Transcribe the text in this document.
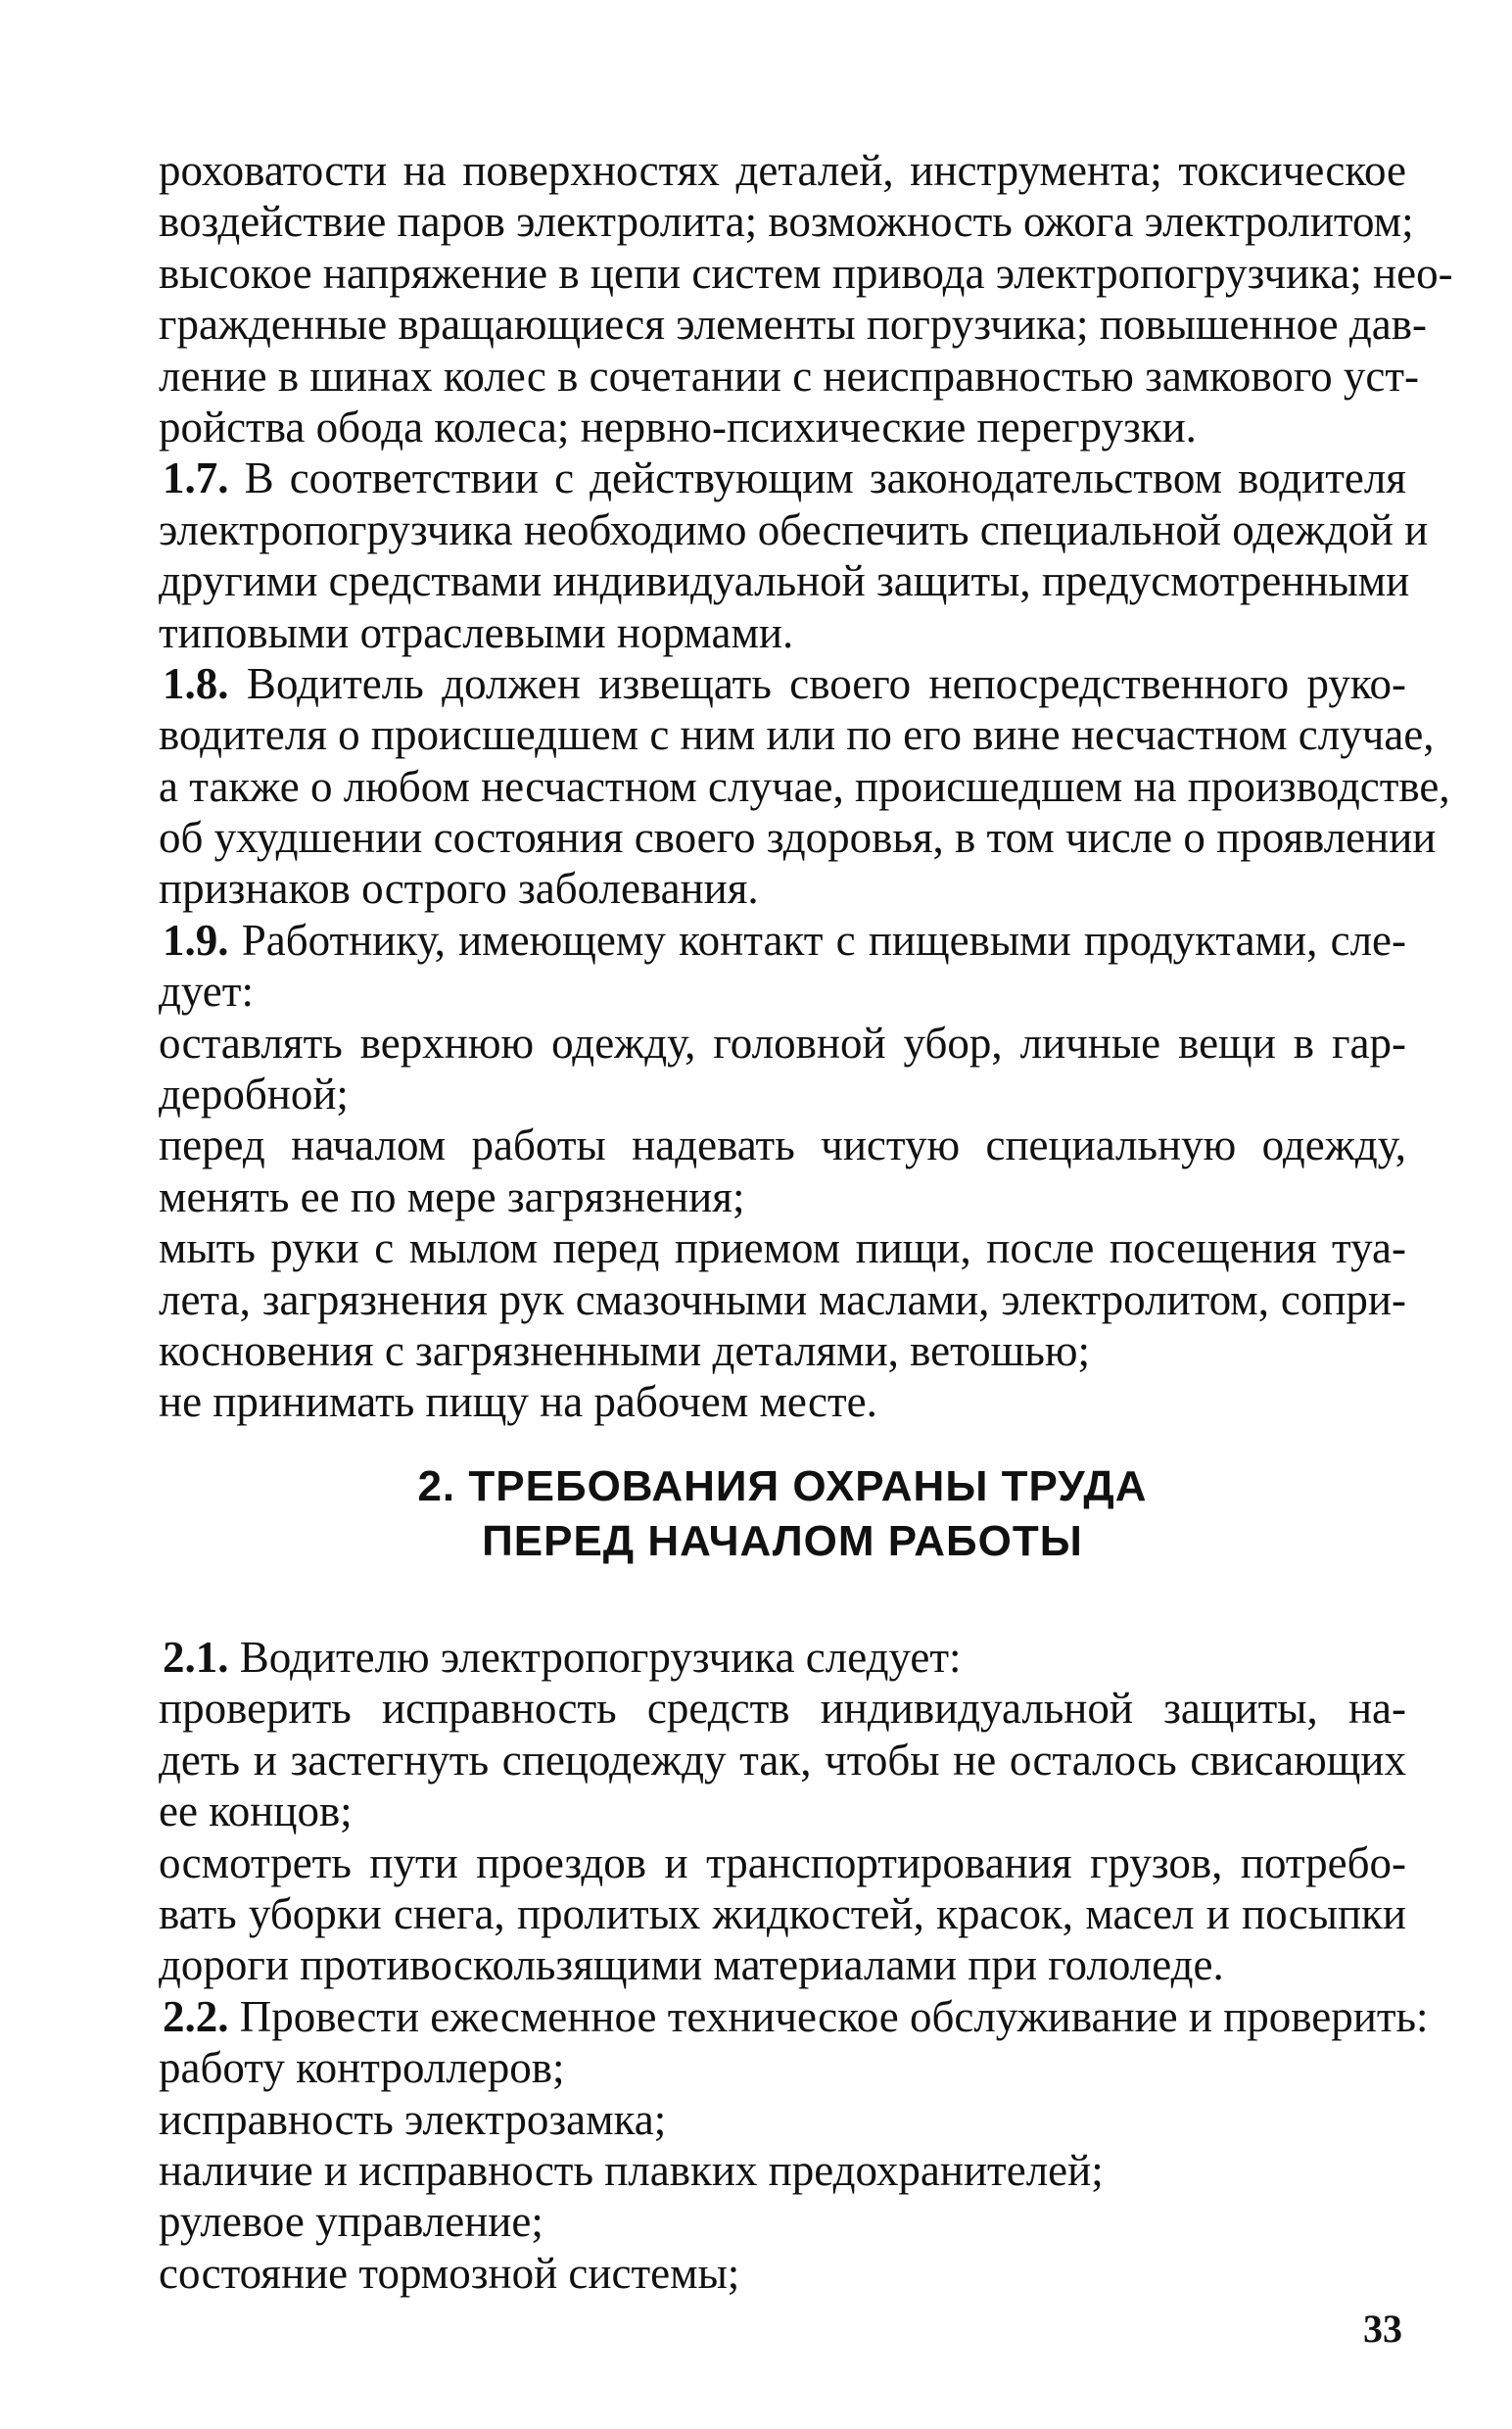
роховатости на поверхностях деталей, инструмента; токсическое
воздействие паров электролита; возможность ожога электролитом;
высокое напряжение в цепи систем привода электропогрузчика; нео-
гражденные вращающиеся элементы погрузчика; повышенное дав-
ление в шинах колес в сочетании с неисправностью замкового уст-
ройства обода колеса; нервно-психические перегрузки.
1.7. В соответствии с действующим законодательством водителя
электропогрузчика необходимо обеспечить специальной одеждой и
другими средствами индивидуальной защиты, предусмотренными
типовыми отраслевыми нормами.
1.8. Водитель должен извещать своего непосредственного руко-
водителя о происшедшем с ним или по его вине несчастном случае,
а также о любом несчастном случае, происшедшем на производстве,
об ухудшении состояния своего здоровья, в том числе о проявлении
признаков острого заболевания.
1.9. Работнику, имеющему контакт с пищевыми продуктами, сле-
дует:
оставлять верхнюю одежду, головной убор, личные вещи в гар-
деробной;
перед началом работы надевать чистую специальную одежду,
менять ее по мере загрязнения;
мыть руки с мылом перед приемом пищи, после посещения туа-
лета, загрязнения рук смазочными маслами, электролитом, сопри-
косновения с загрязненными деталями, ветошью;
не принимать пищу на рабочем месте.
2. ТРЕБОВАНИЯ ОХРАНЫ ТРУДА
ПЕРЕД НАЧАЛОМ РАБОТЫ
2.1. Водителю электропогрузчика следует:
проверить исправность средств индивидуальной защиты, на-
деть и застегнуть спецодежду так, чтобы не осталось свисающих
ее концов;
осмотреть пути проездов и транспортирования грузов, потребо-
вать уборки снега, пролитых жидкостей, красок, масел и посыпки
дороги противоскользящими материалами при гололеде.
2.2. Провести ежесменное техническое обслуживание и проверить:
работу контроллеров;
исправность электрозамка;
наличие и исправность плавких предохранителей;
рулевое управление;
состояние тормозной системы;
33
